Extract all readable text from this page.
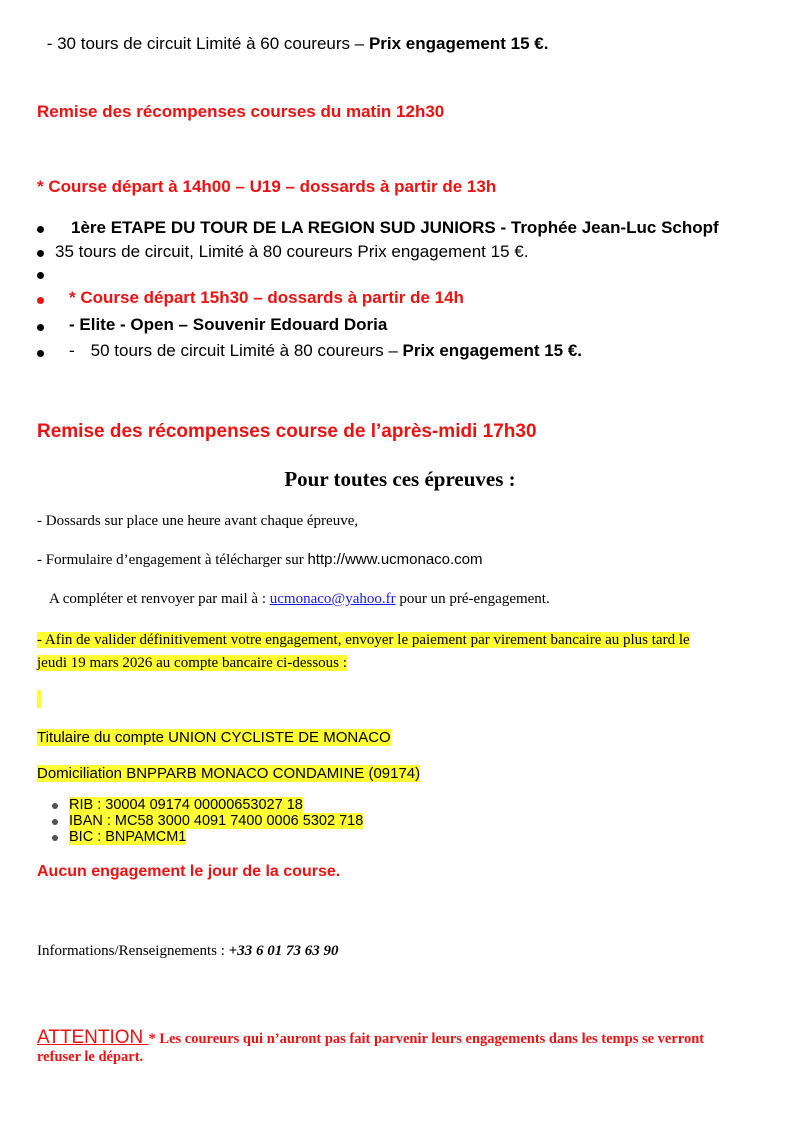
- 30 tours de circuit Limité à 60 coureurs – Prix engagement 15 €.
Remise des récompenses courses du matin 12h30
* Course départ à 14h00 – U19 – dossards à partir de 13h
1ère ETAPE DU TOUR DE LA REGION SUD JUNIORS - Trophée Jean-Luc Schopf
35 tours de circuit, Limité à 80 coureurs Prix engagement 15 €.
* Course départ 15h30 – dossards à partir de 14h
- Elite - Open – Souvenir Edouard Doria
- 50 tours de circuit Limité à 80 coureurs – Prix engagement 15 €.
Remise des récompenses course de l’après-midi 17h30
Pour toutes ces épreuves :
- Dossards sur place une heure avant chaque épreuve,
- Formulaire d’engagement à télécharger sur http://www.ucmonaco.com
A compléter et renvoyer par mail à : ucmonaco@yahoo.fr pour un pré-engagement.
- Afin de valider définitivement votre engagement, envoyer le paiement par virement bancaire au plus tard le
jeudi 19 mars 2026 au compte bancaire ci-dessous :
Titulaire du compte UNION CYCLISTE DE MONACO
Domiciliation BNPPARB MONACO CONDAMINE (09174)
RIB : 30004 09174 00000653027 18
IBAN : MC58 3000 4091 7400 0006 5302 718
BIC : BNPAMCM1
Aucun engagement le jour de la course.
Informations/Renseignements : +33 6 01 73 63 90
ATTENTION * Les coureurs qui n’auront pas fait parvenir leurs engagements dans les temps se verront
refuser le départ.
